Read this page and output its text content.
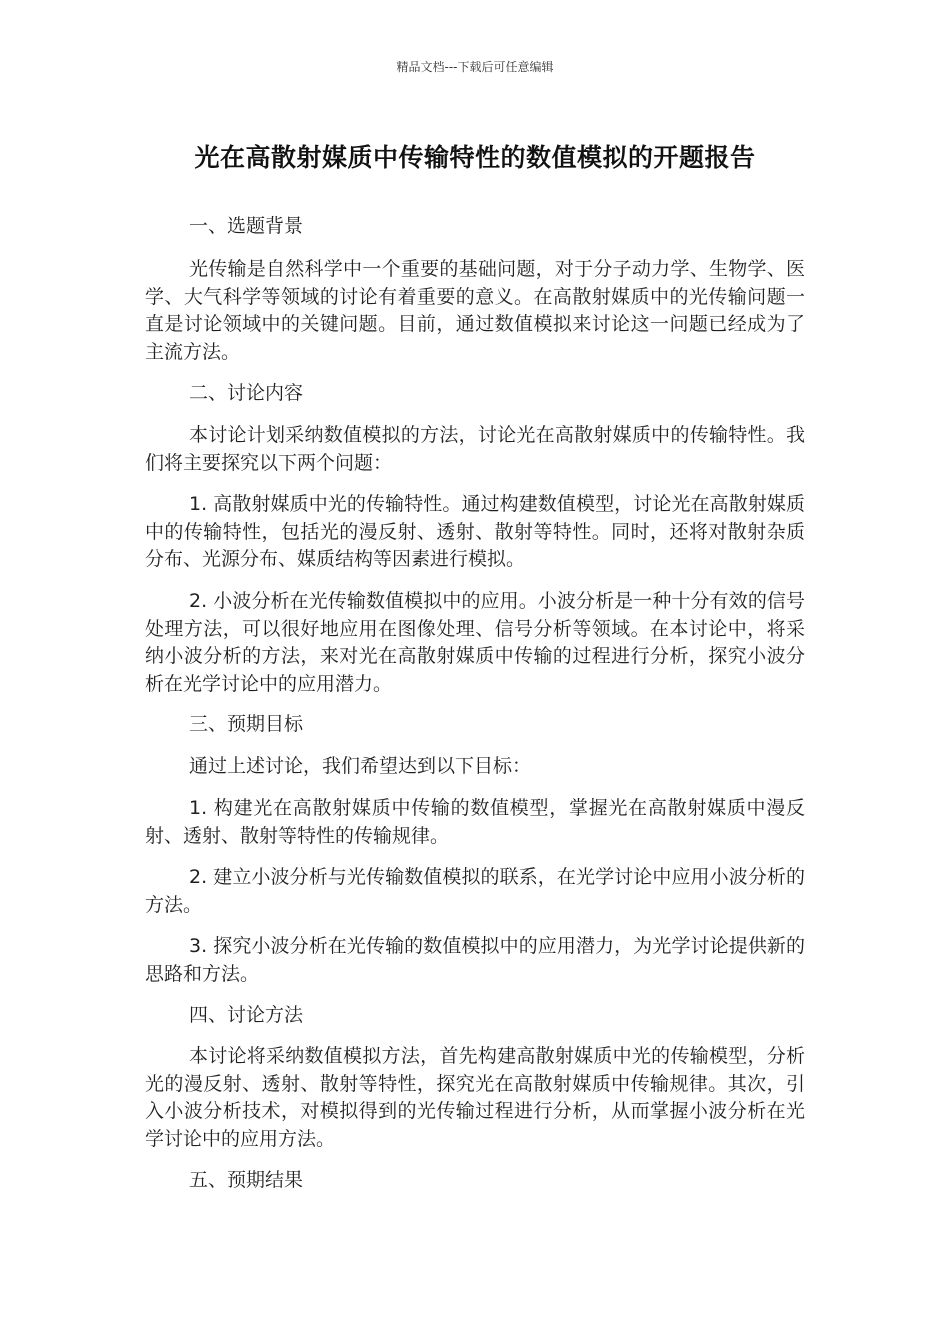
精品文档---下载后可任意编辑
光在高散射媒质中传输特性的数值模拟的开题报告

一、选题背景

光传输是自然科学中一个重要的基础问题，对于分子动力学、生物学、医学、大气科学等领域的讨论有着重要的意义。在高散射媒质中的光传输问题一直是讨论领域中的关键问题。目前，通过数值模拟来讨论这一问题已经成为了主流方法。

二、讨论内容

本讨论计划采纳数值模拟的方法，讨论光在高散射媒质中的传输特性。我们将主要探究以下两个问题：

1. 高散射媒质中光的传输特性。通过构建数值模型，讨论光在高散射媒质中的传输特性，包括光的漫反射、透射、散射等特性。同时，还将对散射杂质分布、光源分布、媒质结构等因素进行模拟。

2. 小波分析在光传输数值模拟中的应用。小波分析是一种十分有效的信号处理方法，可以很好地应用在图像处理、信号分析等领域。在本讨论中，将采纳小波分析的方法，来对光在高散射媒质中传输的过程进行分析，探究小波分析在光学讨论中的应用潜力。

三、预期目标

通过上述讨论，我们希望达到以下目标：

1. 构建光在高散射媒质中传输的数值模型，掌握光在高散射媒质中漫反射、透射、散射等特性的传输规律。

2. 建立小波分析与光传输数值模拟的联系，在光学讨论中应用小波分析的方法。

3. 探究小波分析在光传输的数值模拟中的应用潜力，为光学讨论提供新的思路和方法。

四、讨论方法

本讨论将采纳数值模拟方法，首先构建高散射媒质中光的传输模型，分析光的漫反射、透射、散射等特性，探究光在高散射媒质中传输规律。其次，引入小波分析技术，对模拟得到的光传输过程进行分析，从而掌握小波分析在光学讨论中的应用方法。

五、预期结果
